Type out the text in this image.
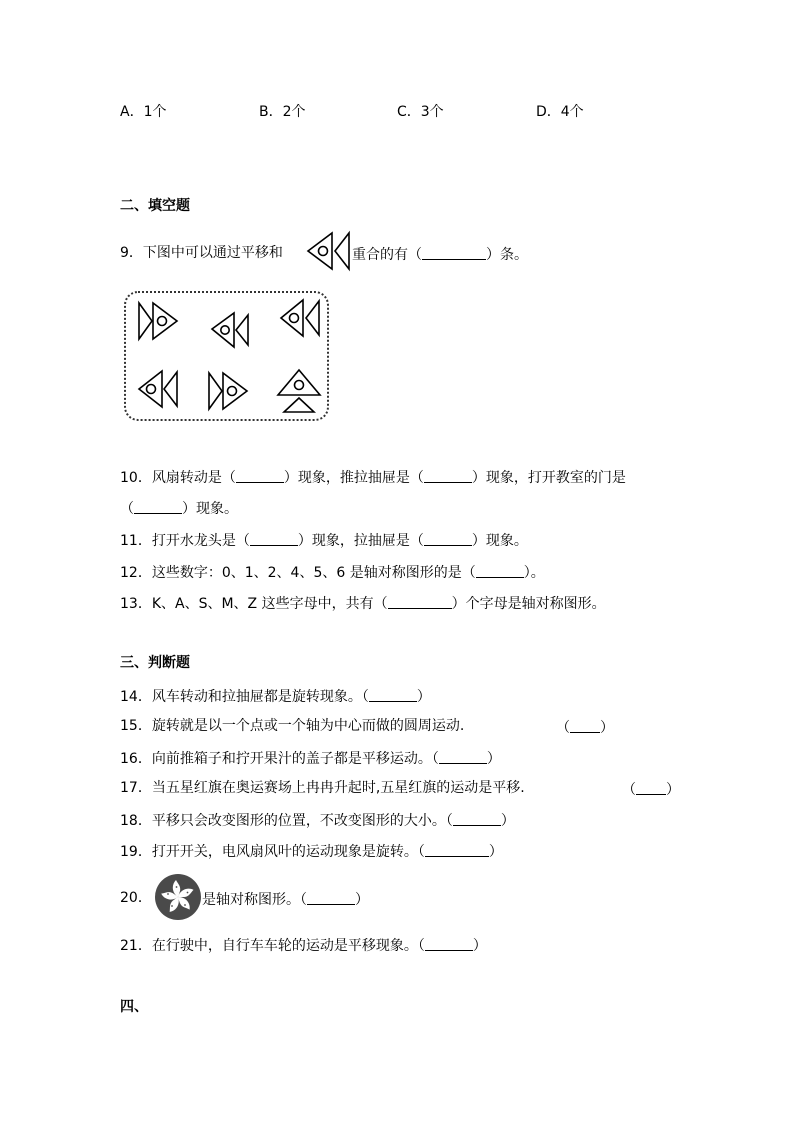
A．1个	B．2个	C．3个	D．4个
二、填空题
9．下图中可以通过平移和	重合的有（	）条。
10．风扇转动是（	）现象，推拉抽屉是（	）现象，打开教室的门是
（	）现象。
11．打开水龙头是（	）现象，拉抽屉是（	）现象。
12．这些数字：0、1、2、4、5、6 是轴对称图形的是（	）。
13．K、A、S、M、Z 这些字母中，共有（	）个字母是轴对称图形。
三、判断题
14．风车转动和拉抽屉都是旋转现象。（	）
15．旋转就是以一个点或一个轴为中心而做的圆周运动.	（ ）
16．向前推箱子和拧开果汁的盖子都是平移运动。（	）
17．当五星红旗在奥运赛场上冉冉升起时,五星红旗的运动是平移.	（ ）
18．平移只会改变图形的位置，不改变图形的大小。（	）
19．打开开关，电风扇风叶的运动现象是旋转。（	）
20．	是轴对称图形。（	）
21．在行驶中，自行车车轮的运动是平移现象。（	）
四、
